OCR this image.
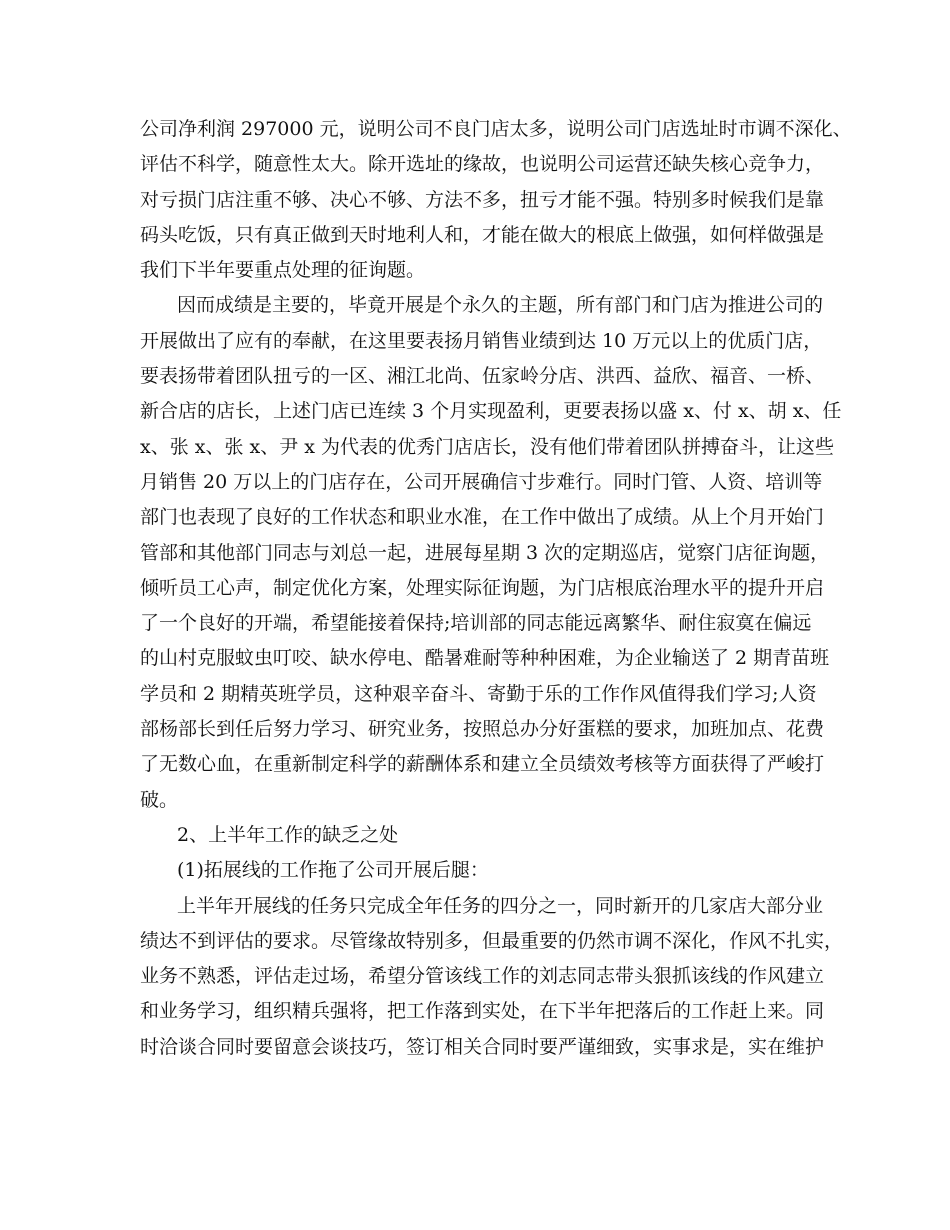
公司净利润 297000 元，说明公司不良门店太多，说明公司门店选址时市调不深化、
评估不科学，随意性太大。除开选址的缘故，也说明公司运营还缺失核心竞争力，
对亏损门店注重不够、决心不够、方法不多，扭亏才能不强。特别多时候我们是靠
码头吃饭，只有真正做到天时地利人和，才能在做大的根底上做强，如何样做强是
我们下半年要重点处理的征询题。
因而成绩是主要的，毕竟开展是个永久的主题，所有部门和门店为推进公司的
开展做出了应有的奉献，在这里要表扬月销售业绩到达 10 万元以上的优质门店，
要表扬带着团队扭亏的一区、湘江北尚、伍家岭分店、洪西、益欣、福音、一桥、
新合店的店长，上述门店已连续 3 个月实现盈利，更要表扬以盛 x、付 x、胡 x、任
x、张 x、张 x、尹 x 为代表的优秀门店店长，没有他们带着团队拼搏奋斗，让这些
月销售 20 万以上的门店存在，公司开展确信寸步难行。同时门管、人资、培训等
部门也表现了良好的工作状态和职业水准，在工作中做出了成绩。从上个月开始门
管部和其他部门同志与刘总一起，进展每星期 3 次的定期巡店，觉察门店征询题，
倾听员工心声，制定优化方案，处理实际征询题，为门店根底治理水平的提升开启
了一个良好的开端，希望能接着保持;培训部的同志能远离繁华、耐住寂寞在偏远
的山村克服蚊虫叮咬、缺水停电、酷暑难耐等种种困难，为企业输送了 2 期青苗班
学员和 2 期精英班学员，这种艰辛奋斗、寄勤于乐的工作作风值得我们学习;人资
部杨部长到任后努力学习、研究业务，按照总办分好蛋糕的要求，加班加点、花费
了无数心血，在重新制定科学的薪酬体系和建立全员绩效考核等方面获得了严峻打
破。
2、上半年工作的缺乏之处
(1)拓展线的工作拖了公司开展后腿：
上半年开展线的任务只完成全年任务的四分之一，同时新开的几家店大部分业
绩达不到评估的要求。尽管缘故特别多，但最重要的仍然市调不深化，作风不扎实，
业务不熟悉，评估走过场，希望分管该线工作的刘志同志带头狠抓该线的作风建立
和业务学习，组织精兵强将，把工作落到实处，在下半年把落后的工作赶上来。同
时洽谈合同时要留意会谈技巧，签订相关合同时要严谨细致，实事求是，实在维护
